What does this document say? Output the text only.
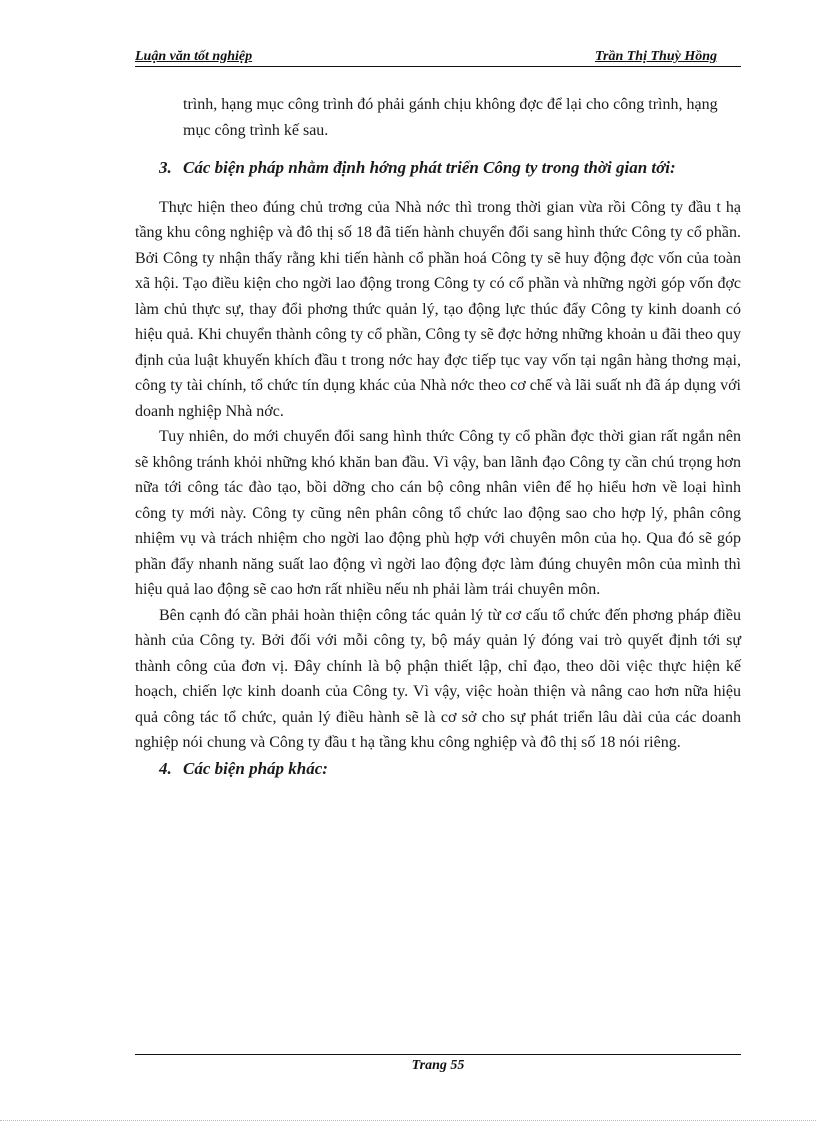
Luận văn tốt nghiệp	Trần Thị Thuỳ Hồng

trình, hạng mục công trình đó phải gánh chịu không đợc để lại cho công trình, hạng mục công trình kế sau.

3. Các biện pháp nhằm định hớng phát triển Công ty trong thời gian tới:

Thực hiện theo đúng chủ trơng của Nhà nớc thì trong thời gian vừa rồi Công ty đầu t hạ tầng khu công nghiệp và đô thị số 18 đã tiến hành chuyển đổi sang hình thức Công ty cổ phần. Bởi Công ty nhận thấy rằng khi tiến hành cổ phần hoá Công ty sẽ huy động đợc vốn của toàn xã hội. Tạo điều kiện cho ngời lao động trong Công ty có cổ phần và những ngời góp vốn đợc làm chủ thực sự, thay đổi phơng thức quản lý, tạo động lực thúc đẩy Công ty kinh doanh có hiệu quả. Khi chuyển thành công ty cổ phần, Công ty sẽ đợc hởng những khoản u đãi theo quy định của luật khuyến khích đầu t trong nớc hay đợc tiếp tục vay vốn tại ngân hàng thơng mại, công ty tài chính, tổ chức tín dụng khác của Nhà nớc theo cơ chế và lãi suất nh đã áp dụng với doanh nghiệp Nhà nớc.

Tuy nhiên, do mới chuyển đổi sang hình thức Công ty cổ phần đợc thời gian rất ngắn nên sẽ không tránh khỏi những khó khăn ban đầu. Vì vậy, ban lãnh đạo Công ty cần chú trọng hơn nữa tới công tác đào tạo, bồi dỡng cho cán bộ công nhân viên để họ hiểu hơn về loại hình công ty mới này. Công ty cũng nên phân công tổ chức lao động sao cho hợp lý, phân công nhiệm vụ và trách nhiệm cho ngời lao động phù hợp với chuyên môn của họ. Qua đó sẽ góp phần đẩy nhanh năng suất lao động vì ngời lao động đợc làm đúng chuyên môn của mình thì hiệu quả lao động sẽ cao hơn rất nhiều nếu nh phải làm trái chuyên môn.

Bên cạnh đó cần phải hoàn thiện công tác quản lý từ cơ cấu tổ chức đến phơng pháp điều hành của Công ty. Bởi đối với mỗi công ty, bộ máy quản lý đóng vai trò quyết định tới sự thành công của đơn vị. Đây chính là bộ phận thiết lập, chỉ đạo, theo dõi việc thực hiện kế hoạch, chiến lợc kinh doanh của Công ty. Vì vậy, việc hoàn thiện và nâng cao hơn nữa hiệu quả công tác tổ chức, quản lý điều hành sẽ là cơ sở cho sự phát triển lâu dài của các doanh nghiệp nói chung và Công ty đầu t hạ tầng khu công nghiệp và đô thị số 18 nói riêng.

4. Các biện pháp khác:
Trang 55
